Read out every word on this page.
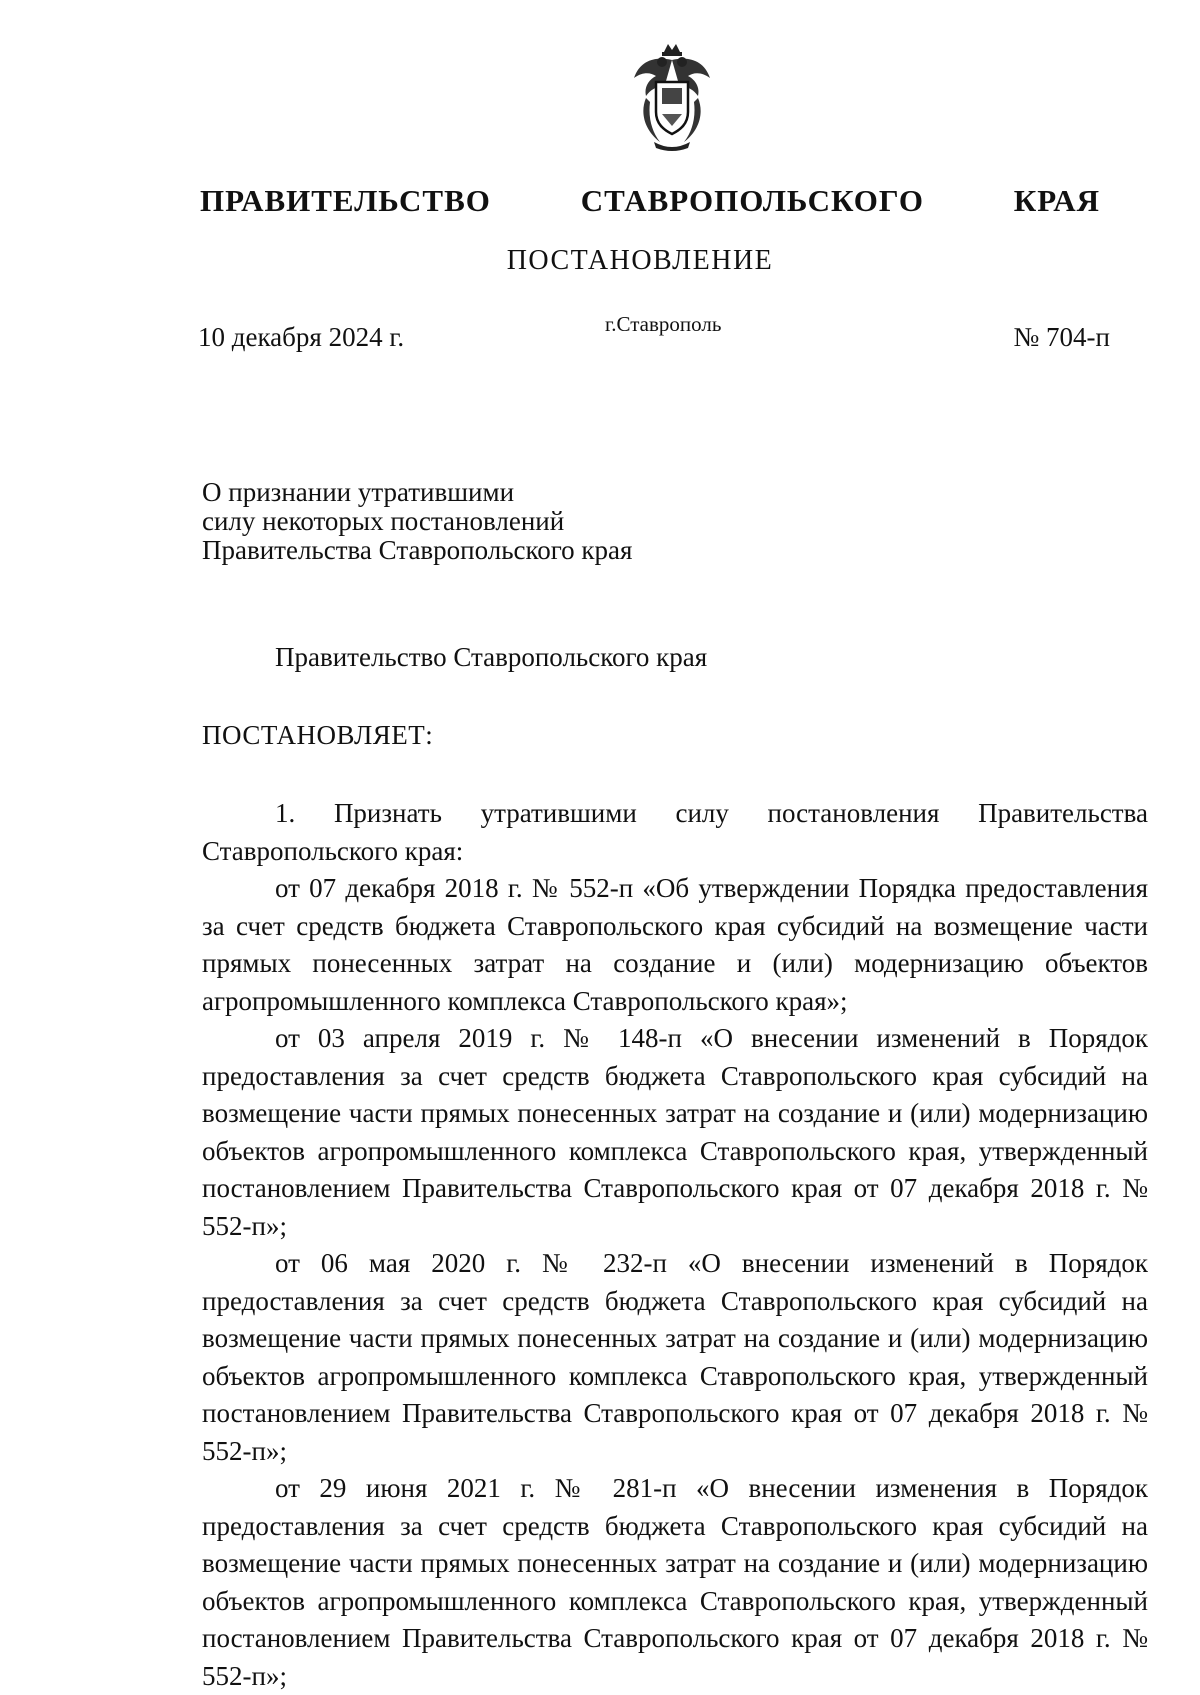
ПРАВИТЕЛЬСТВО	СТАВРОПОЛЬСКОГО	КРАЯ
ПОСТАНОВЛЕНИЕ
10 декабря 2024 г.	г.Ставрополь	№ 704-п
О признании утратившими
силу некоторых постановлений
Правительства Ставропольского края
Правительство Ставропольского края
ПОСТАНОВЛЯЕТ:

1. Признать утратившими силу постановления Правительства Ставропольского края:

от 07 декабря 2018 г. № 552-п «Об утверждении Порядка предоставления за счет средств бюджета Ставропольского края субсидий на возмещение части прямых понесенных затрат на создание и (или) модернизацию объектов агропромышленного комплекса Ставропольского края»;

от 03 апреля 2019 г. № 148-п «О внесении изменений в Порядок предоставления за счет средств бюджета Ставропольского края субсидий на возмещение части прямых понесенных затрат на создание и (или) модернизацию объектов агропромышленного комплекса Ставропольского края, утвержденный постановлением Правительства Ставропольского края от 07 декабря 2018 г. № 552-п»;

от 06 мая 2020 г. № 232-п «О внесении изменений в Порядок предоставления за счет средств бюджета Ставропольского края субсидий на возмещение части прямых понесенных затрат на создание и (или) модернизацию объектов агропромышленного комплекса Ставропольского края, утвержденный постановлением Правительства Ставропольского края от 07 декабря 2018 г. № 552-п»;

от 29 июня 2021 г. № 281-п «О внесении изменения в Порядок предоставления за счет средств бюджета Ставропольского края субсидий на возмещение части прямых понесенных затрат на создание и (или) модернизацию объектов агропромышленного комплекса Ставропольского края, утвержденный постановлением Правительства Ставропольского края от 07 декабря 2018 г. № 552-п»;
